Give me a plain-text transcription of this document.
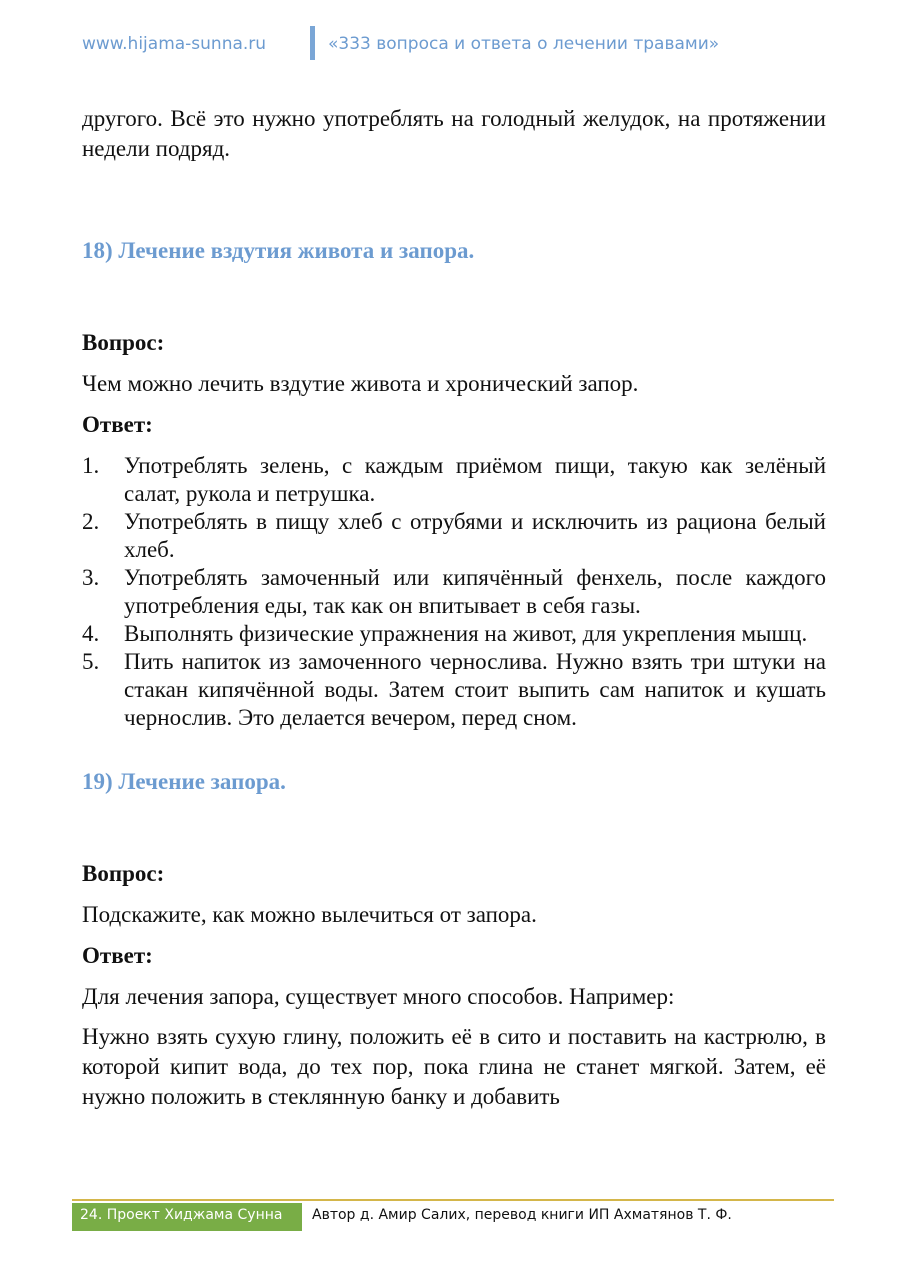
www.hijama-sunna.ru	«333 вопроса и ответа о лечении травами»

другого. Всё это нужно употреблять на голодный желудок, на протяжении недели подряд.

18) Лечение вздутия живота и запора.

Вопрос:

Чем можно лечить вздутие живота и хронический запор.

Ответ:

1. Употреблять зелень, с каждым приёмом пищи, такую как зелёный салат, рукола и петрушка.
2. Употреблять в пищу хлеб с отрубями и исключить из рациона белый хлеб.
3. Употреблять замоченный или кипячённый фенхель, после каждого употребления еды, так как он впитывает в себя газы.
4. Выполнять физические упражнения на живот, для укрепления мышц.
5. Пить напиток из замоченного чернослива. Нужно взять три штуки на стакан кипячённой воды. Затем стоит выпить сам напиток и кушать чернослив. Это делается вечером, перед сном.

19) Лечение запора.

Вопрос:

Подскажите, как можно вылечиться от запора.

Ответ:

Для лечения запора, существует много способов. Например:

Нужно взять сухую глину, положить её в сито и поставить на кастрюлю, в которой кипит вода, до тех пор, пока глина не станет мягкой. Затем, её нужно положить в стеклянную банку и добавить

24. Проект Хиджама Сунна	Автор д. Амир Салих, перевод книги ИП Ахматянов Т. Ф.
